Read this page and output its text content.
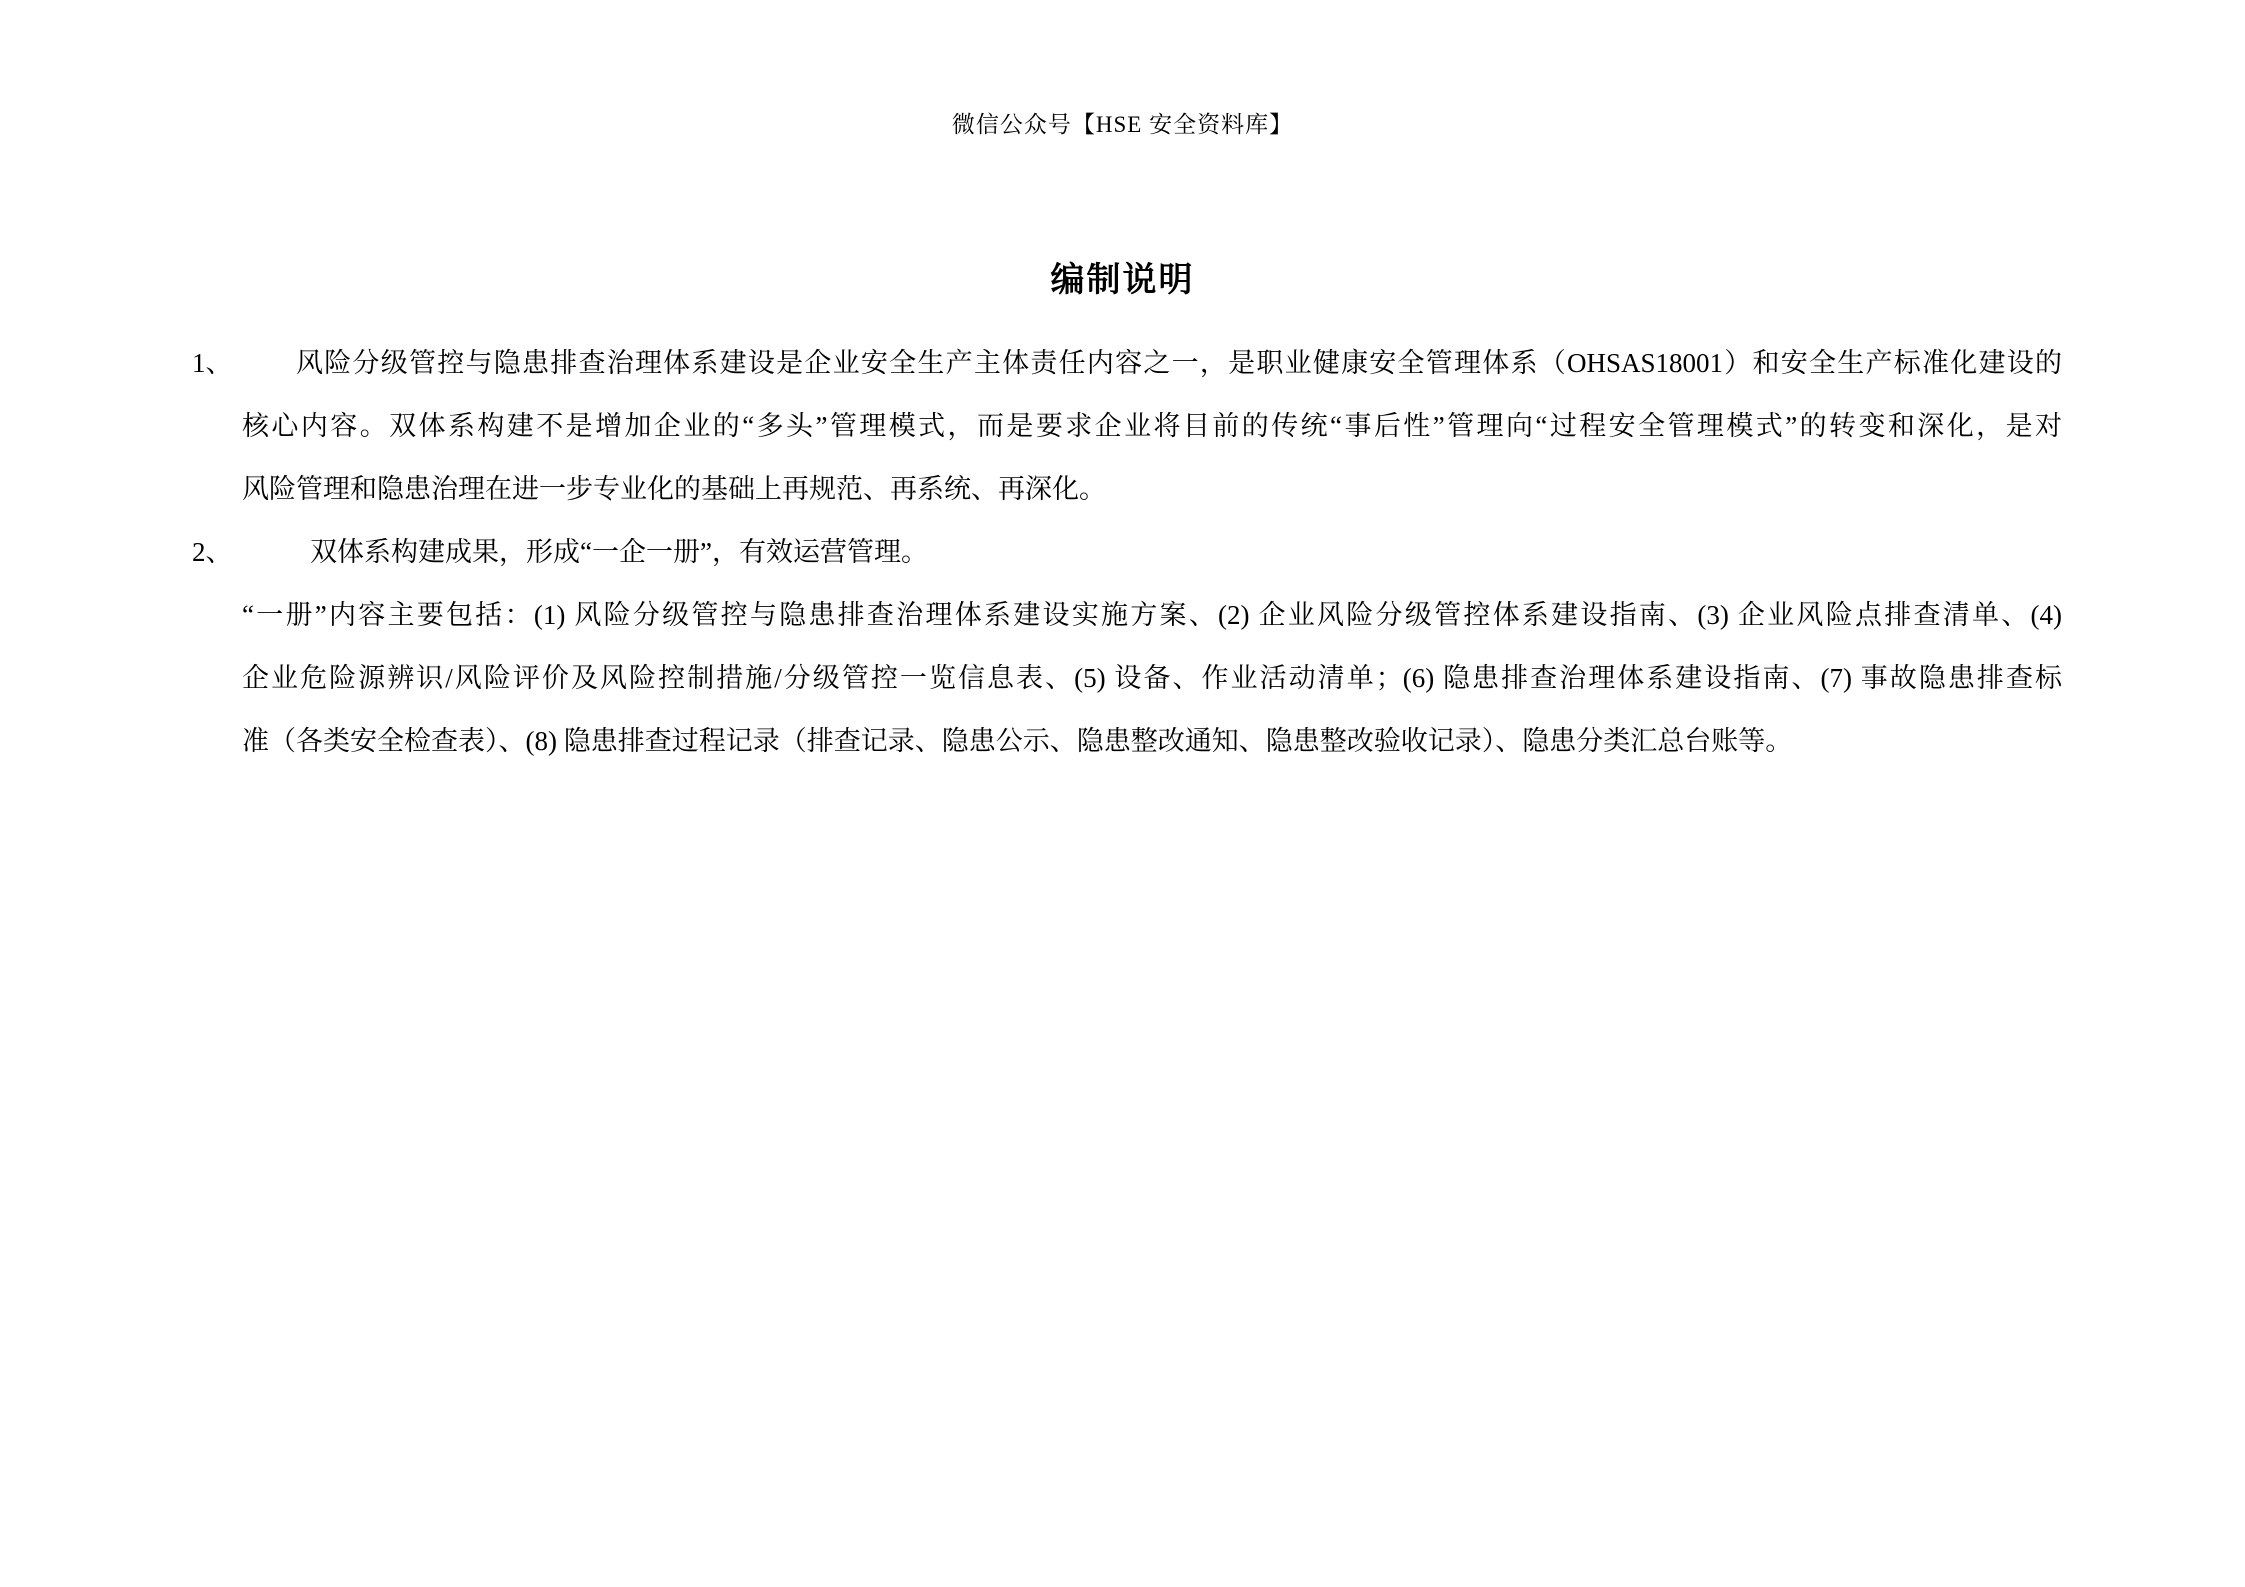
微信公众号【HSE 安全资料库】
编制说明
1、	风险分级管控与隐患排查治理体系建设是企业安全生产主体责任内容之一，是职业健康安全管理体系（OHSAS18001）和安全生产标准化建设的
核心内容。双体系构建不是增加企业的“多头”管理模式，而是要求企业将目前的传统“事后性”管理向“过程安全管理模式”的转变和深化，是对
风险管理和隐患治理在进一步专业化的基础上再规范、再系统、再深化。
2、	双体系构建成果，形成“一企一册”，有效运营管理。
“一册”内容主要包括：(1) 风险分级管控与隐患排查治理体系建设实施方案、(2) 企业风险分级管控体系建设指南、(3) 企业风险点排查清单、(4)
企业危险源辨识/风险评价及风险控制措施/分级管控一览信息表、(5) 设备、作业活动清单；(6) 隐患排查治理体系建设指南、(7) 事故隐患排查标
准（各类安全检查表）、(8) 隐患排查过程记录（排查记录、隐患公示、隐患整改通知、隐患整改验收记录）、隐患分类汇总台账等。
